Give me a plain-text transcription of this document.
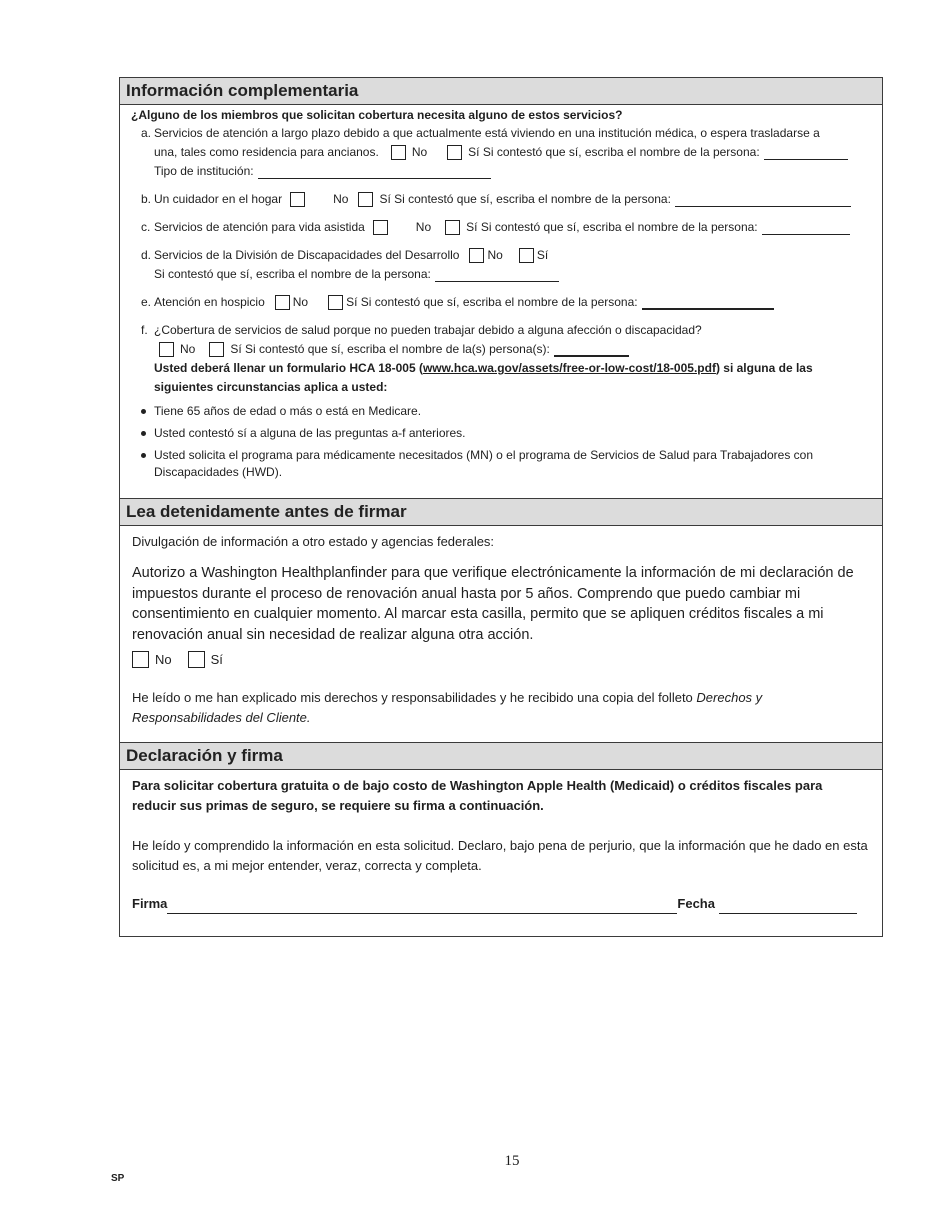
Información complementaria
¿Alguno de los miembros que solicitan cobertura necesita alguno de estos servicios?
a. Servicios de atención a largo plazo debido a que actualmente está viviendo en una institución médica, o espera trasladarse a
una, tales como residencia para ancianos.	No	Sí Si contestó que sí, escriba el nombre de la persona:
Tipo de institución:
b. Un cuidador en el hogar	No	Sí Si contestó que sí, escriba el nombre de la persona:
c. Servicios de atención para vida asistida	No	Sí Si contestó que sí, escriba el nombre de la persona:
d. Servicios de la División de Discapacidades del Desarrollo No	Sí
Si contestó que sí, escriba el nombre de la persona:
e. Atención en hospicio No	Sí Si contestó que sí, escriba el nombre de la persona:
f. ¿Cobertura de servicios de salud porque no pueden trabajar debido a alguna afección o discapacidad?
No	Sí Si contestó que sí, escriba el nombre de la(s) persona(s):
Usted deberá llenar un formulario HCA 18-005 (www.hca.wa.gov/assets/free-or-low-cost/18-005.pdf) si alguna de las
siguientes circunstancias aplica a usted:
Tiene 65 años de edad o más o está en Medicare.
Usted contestó sí a alguna de las preguntas a-f anteriores.
Usted solicita el programa para médicamente necesitados (MN) o el programa de Servicios de Salud para Trabajadores con Discapacidades (HWD).
Lea detenidamente antes de firmar

Divulgación de información a otro estado y agencias federales:

Autorizo a Washington Healthplanfinder para que verifique electrónicamente la información de mi declaración de impuestos durante el proceso de renovación anual hasta por 5 años. Comprendo que puedo cambiar mi consentimiento en cualquier momento. Al marcar esta casilla, permito que se apliquen créditos fiscales a mi renovación anual sin necesidad de realizar alguna otra acción.

No	Sí

He leído o me han explicado mis derechos y responsabilidades y he recibido una copia del folleto Derechos y Responsabilidades del Cliente.

Declaración y firma

Para solicitar cobertura gratuita o de bajo costo de Washington Apple Health (Medicaid) o créditos fiscales para reducir sus primas de seguro, se requiere su firma a continuación.

He leído y comprendido la información en esta solicitud. Declaro, bajo pena de perjurio, que la información que he dado en esta solicitud es, a mi mejor entender, veraz, correcta y completa.

Firma	Fecha
15
SP
